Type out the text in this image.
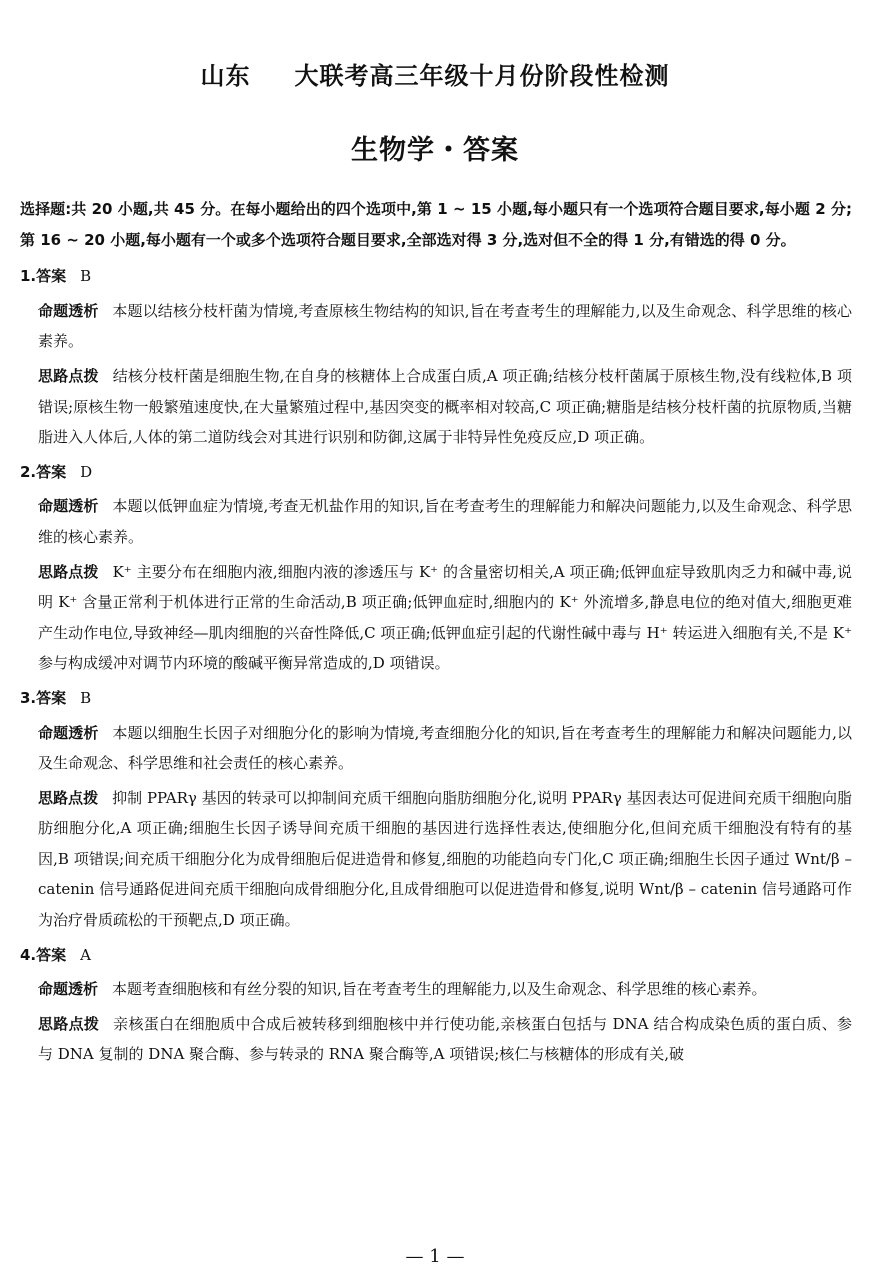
山东 大联考高三年级十月份阶段性检测
生物学・答案

选择题:共 20 小题,共 45 分。在每小题给出的四个选项中,第 1 ~ 15 小题,每小题只有一个选项符合题目要求,每小题 2 分;第 16 ~ 20 小题,每小题有一个或多个选项符合题目要求,全部选对得 3 分,选对但不全的得 1 分,有错选的得 0 分。

1.答案 B

命题透析 本题以结核分枝杆菌为情境,考查原核生物结构的知识,旨在考查考生的理解能力,以及生命观念、科学思维的核心素养。

思路点拨 结核分枝杆菌是细胞生物,在自身的核糖体上合成蛋白质,A 项正确;结核分枝杆菌属于原核生物,没有线粒体,B 项错误;原核生物一般繁殖速度快,在大量繁殖过程中,基因突变的概率相对较高,C 项正确;糖脂是结核分枝杆菌的抗原物质,当糖脂进入人体后,人体的第二道防线会对其进行识别和防御,这属于非特异性免疫反应,D 项正确。

2.答案 D

命题透析 本题以低钾血症为情境,考查无机盐作用的知识,旨在考查考生的理解能力和解决问题能力,以及生命观念、科学思维的核心素养。

思路点拨 K⁺ 主要分布在细胞内液,细胞内液的渗透压与 K⁺ 的含量密切相关,A 项正确;低钾血症导致肌肉乏力和碱中毒,说明 K⁺ 含量正常利于机体进行正常的生命活动,B 项正确;低钾血症时,细胞内的 K⁺ 外流增多,静息电位的绝对值大,细胞更难产生动作电位,导致神经—肌肉细胞的兴奋性降低,C 项正确;低钾血症引起的代谢性碱中毒与 H⁺ 转运进入细胞有关,不是 K⁺ 参与构成缓冲对调节内环境的酸碱平衡异常造成的,D 项错误。

3.答案 B

命题透析 本题以细胞生长因子对细胞分化的影响为情境,考查细胞分化的知识,旨在考查考生的理解能力和解决问题能力,以及生命观念、科学思维和社会责任的核心素养。

思路点拨 抑制 PPARγ 基因的转录可以抑制间充质干细胞向脂肪细胞分化,说明 PPARγ 基因表达可促进间充质干细胞向脂肪细胞分化,A 项正确;细胞生长因子诱导间充质干细胞的基因进行选择性表达,使细胞分化,但间充质干细胞没有特有的基因,B 项错误;间充质干细胞分化为成骨细胞后促进造骨和修复,细胞的功能趋向专门化,C 项正确;细胞生长因子通过 Wnt/β – catenin 信号通路促进间充质干细胞向成骨细胞分化,且成骨细胞可以促进造骨和修复,说明 Wnt/β – catenin 信号通路可作为治疗骨质疏松的干预靶点,D 项正确。

4.答案 A

命题透析 本题考查细胞核和有丝分裂的知识,旨在考查考生的理解能力,以及生命观念、科学思维的核心素养。

思路点拨 亲核蛋白在细胞质中合成后被转移到细胞核中并行使功能,亲核蛋白包括与 DNA 结合构成染色质的蛋白质、参与 DNA 复制的 DNA 聚合酶、参与转录的 RNA 聚合酶等,A 项错误;核仁与核糖体的形成有关,破

— 1 —
